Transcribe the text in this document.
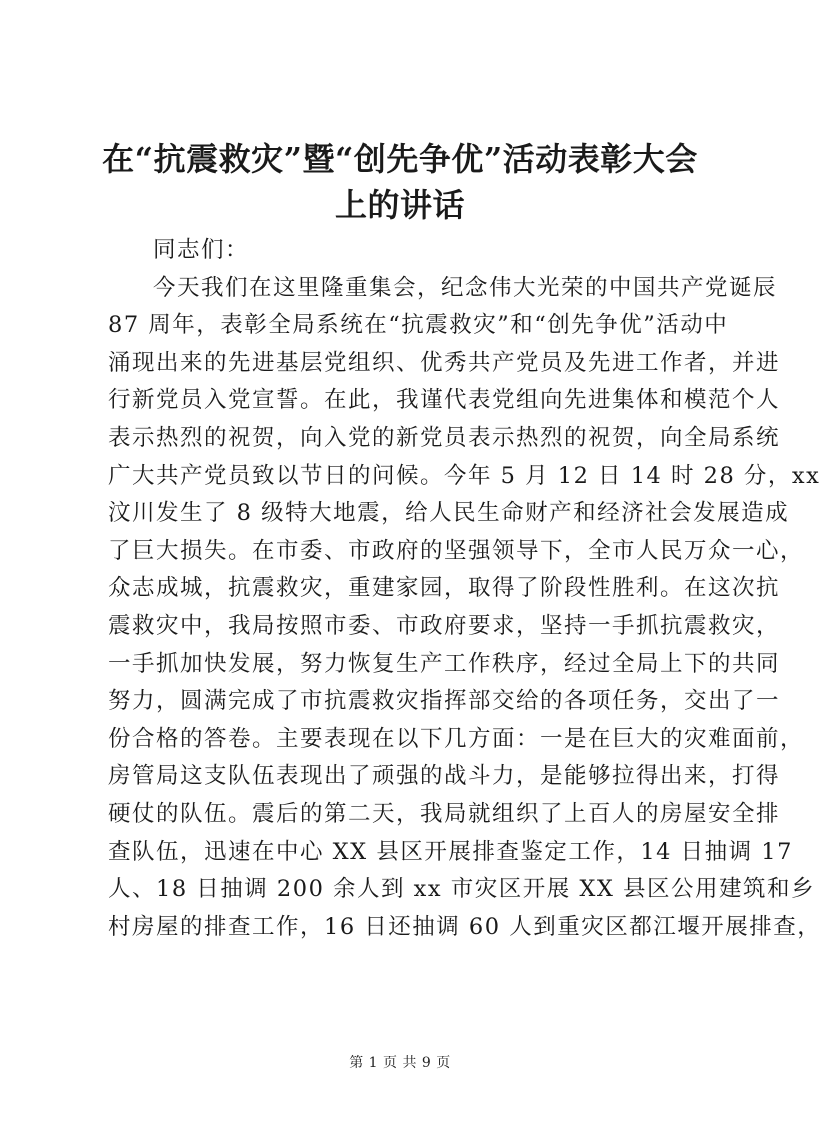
在“抗震救灾”暨“创先争优”活动表彰大会
上的讲话
同志们：
今天我们在这里隆重集会，纪念伟大光荣的中国共产党诞辰
87 周年，表彰全局系统在“抗震救灾”和“创先争优”活动中
涌现出来的先进基层党组织、优秀共产党员及先进工作者，并进
行新党员入党宣誓。在此，我谨代表党组向先进集体和模范个人
表示热烈的祝贺，向入党的新党员表示热烈的祝贺，向全局系统
广大共产党员致以节日的问候。今年 5 月 12 日 14 时 28 分，xx
汶川发生了 8 级特大地震，给人民生命财产和经济社会发展造成
了巨大损失。在市委、市政府的坚强领导下，全市人民万众一心，
众志成城，抗震救灾，重建家园，取得了阶段性胜利。在这次抗
震救灾中，我局按照市委、市政府要求，坚持一手抓抗震救灾，
一手抓加快发展，努力恢复生产工作秩序，经过全局上下的共同
努力，圆满完成了市抗震救灾指挥部交给的各项任务，交出了一
份合格的答卷。主要表现在以下几方面：一是在巨大的灾难面前，
房管局这支队伍表现出了顽强的战斗力，是能够拉得出来，打得
硬仗的队伍。震后的第二天，我局就组织了上百人的房屋安全排
查队伍，迅速在中心 XX 县区开展排查鉴定工作，14 日抽调 17
人、18 日抽调 200 余人到 xx 市灾区开展 XX 县区公用建筑和乡
村房屋的排查工作，16 日还抽调 60 人到重灾区都江堰开展排查，
第 1 页 共 9 页
